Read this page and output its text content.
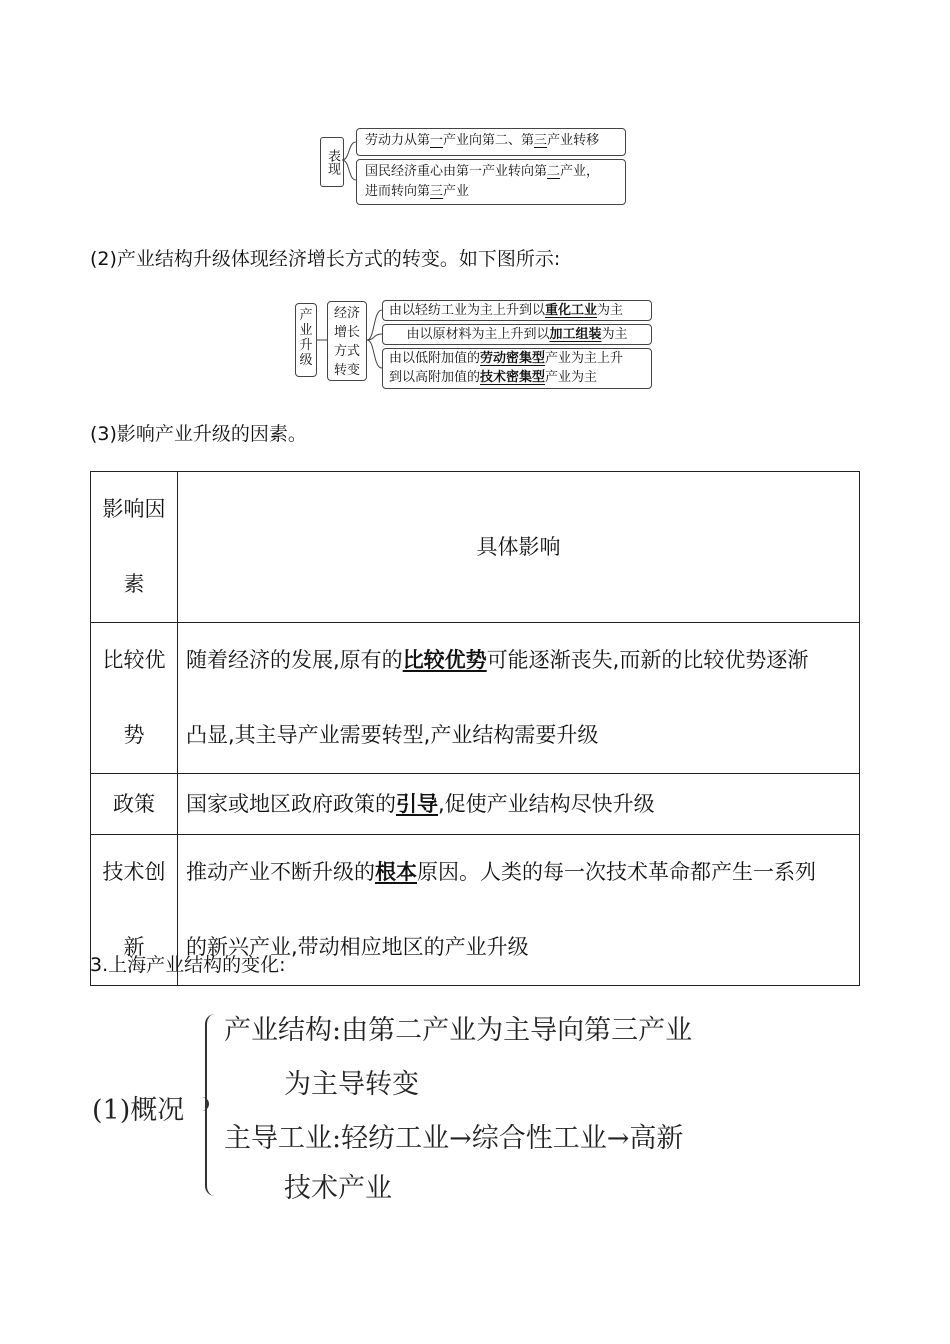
表现
劳动力从第一产业向第二、第三产业转移
国民经济重心由第一产业转向第二产业，
进而转向第三产业
(2)产业结构升级体现经济增长方式的转变。如下图所示:
产业升级
经济增长方式转变
由以轻纺工业为主上升到以重化工业为主
由以原材料为主上升到以加工组装为主
由以低附加值的劳动密集型产业为主上升
到以高附加值的技术密集型产业为主
(3)影响产业升级的因素。
影响因
素	具体影响
比较优
势	随着经济的发展,原有的比较优势可能逐渐丧失,而新的比较优势逐渐
凸显,其主导产业需要转型,产业结构需要升级
政策	国家或地区政府政策的引导,促使产业结构尽快升级
技术创
新	推动产业不断升级的根本原因。人类的每一次技术革命都产生一系列
的新兴产业,带动相应地区的产业升级
3.上海产业结构的变化:
(1)概况
产业结构:由第二产业为主导向第三产业
为主导转变
主导工业:轻纺工业→综合性工业→高新
技术产业
